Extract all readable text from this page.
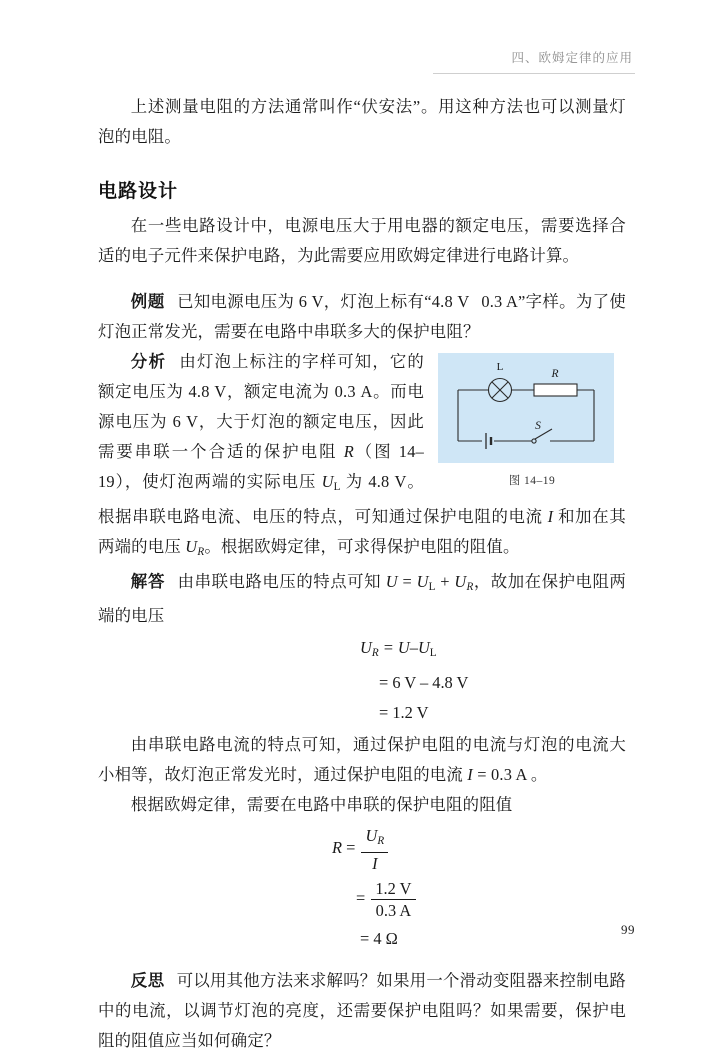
四、欧姆定律的应用

上述测量电阻的方法通常叫作“伏安法”。用这种方法也可以测量灯泡的电阻。

电路设计

在一些电路设计中，电源电压大于用电器的额定电压，需要选择合适的电子元件来保护电路，为此需要应用欧姆定律进行电路计算。

例题 已知电源电压为 6 V，灯泡上标有“4.8 V 0.3 A”字样。为了使灯泡正常发光，需要在电路中串联多大的保护电阻？

L
R
S
图 14–19

分析 由灯泡上标注的字样可知，它的额定电压为 4.8 V，额定电流为 0.3 A。而电源电压为 6 V，大于灯泡的额定电压，因此需要串联一个合适的保护电阻 R（图 14–19），使灯泡两端的实际电压 $U_L$ 为 4.8 V。根据串联电路电流、电压的特点，可知通过保护电阻的电流 I 和加在其两端的电压 $U_R$。根据欧姆定律，可求得保护电阻的阻值。

解答 由串联电路电压的特点可知 $U = U_L + U_R$，故加在保护电阻两端的电压

$U_R = U-U_L$
= 6 V – 4.8 V
= 1.2 V

由串联电路电流的特点可知，通过保护电阻的电流与灯泡的电流大小相等，故灯泡正常发光时，通过保护电阻的电流 I = 0.3 A 。

根据欧姆定律，需要在电路中串联的保护电阻的阻值

$R = \frac{U_R}{I}$
= $\frac{1.2 V}{0.3 A}$
= 4 Ω

反思 可以用其他方法来求解吗？如果用一个滑动变阻器来控制电路中的电流，以调节灯泡的亮度，还需要保护电阻吗？如果需要，保护电阻的阻值应当如何确定？

99
